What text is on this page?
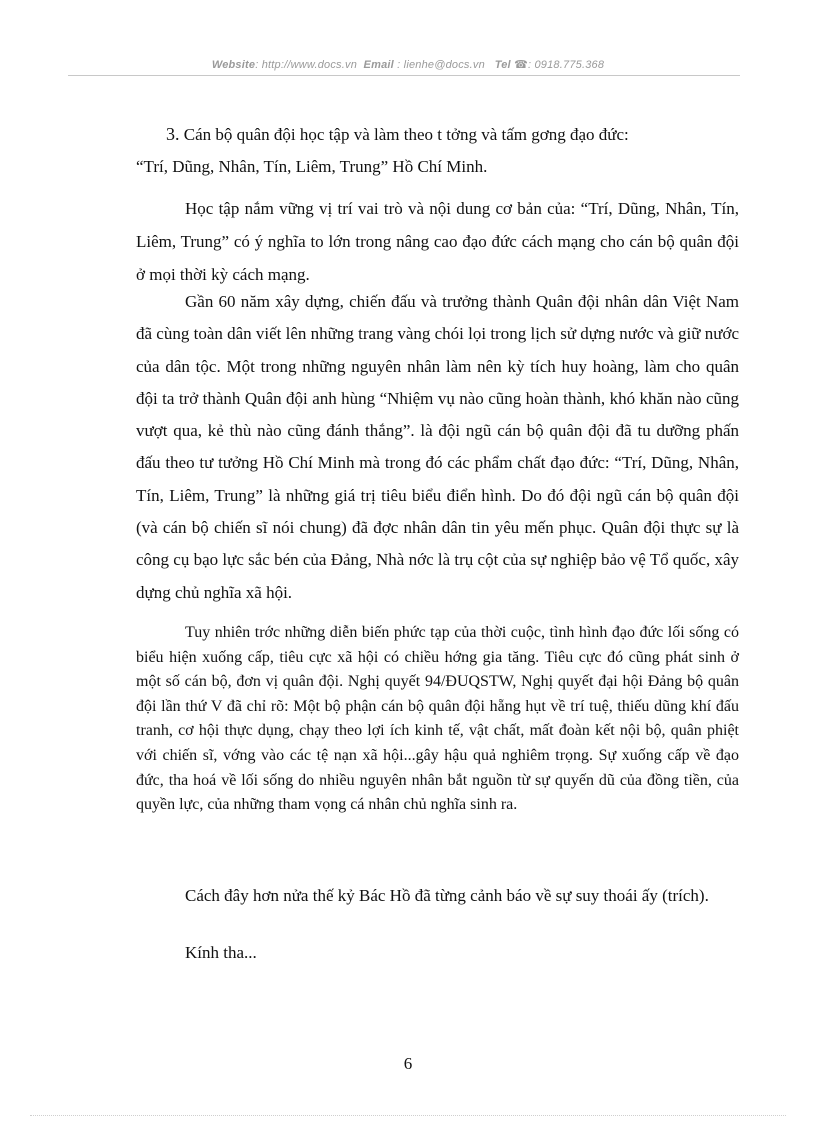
Website: http://www.docs.vn Email : lienhe@docs.vn Tel ☎: 0918.775.368
3. Cán bộ quân đội học tập và làm theo t tởng và tấm gơng đạo đức:
“Trí, Dũng, Nhân, Tín, Liêm, Trung” Hồ Chí Minh.

Học tập nắm vững vị trí vai trò và nội dung cơ bản của: “Trí, Dũng, Nhân, Tín, Liêm, Trung” có ý nghĩa to lớn trong nâng cao đạo đức cách mạng cho cán bộ quân đội ở mọi thời kỳ cách mạng.

Gần 60 năm xây dựng, chiến đấu và trưởng thành Quân đội nhân dân Việt Nam đã cùng toàn dân viết lên những trang vàng chói lọi trong lịch sử dựng nước và giữ nước của dân tộc. Một trong những nguyên nhân làm nên kỳ tích huy hoàng, làm cho quân đội ta trở thành Quân đội anh hùng “Nhiệm vụ nào cũng hoàn thành, khó khăn nào cũng vượt qua, kẻ thù nào cũng đánh thắng”. là đội ngũ cán bộ quân đội đã tu dưỡng phấn đấu theo tư tưởng Hồ Chí Minh mà trong đó các phẩm chất đạo đức: “Trí, Dũng, Nhân, Tín, Liêm, Trung” là những giá trị tiêu biểu điển hình. Do đó đội ngũ cán bộ quân đội (và cán bộ chiến sĩ nói chung) đã đợc nhân dân tin yêu mến phục. Quân đội thực sự là công cụ bạo lực sắc bén của Đảng, Nhà nớc là trụ cột của sự nghiệp bảo vệ Tổ quốc, xây dựng chủ nghĩa xã hội.

Tuy nhiên trớc những diễn biến phức tạp của thời cuộc, tình hình đạo đức lối sống có biểu hiện xuống cấp, tiêu cực xã hội có chiều hớng gia tăng. Tiêu cực đó cũng phát sinh ở một số cán bộ, đơn vị quân đội. Nghị quyết 94/ĐUQSTW, Nghị quyết đại hội Đảng bộ quân đội lần thứ V đã chỉ rõ: Một bộ phận cán bộ quân đội hẵng hụt về trí tuệ, thiếu dũng khí đấu tranh, cơ hội thực dụng, chạy theo lợi ích kinh tế, vật chất, mất đoàn kết nội bộ, quân phiệt với chiến sĩ, vớng vào các tệ nạn xã hội...gây hậu quả nghiêm trọng. Sự xuống cấp về đạo đức, tha hoá về lối sống do nhiều nguyên nhân bắt nguồn từ sự quyến dũ của đồng tiền, của quyền lực, của những tham vọng cá nhân chủ nghĩa sinh ra.

Cách đây hơn nửa thế kỷ Bác Hồ đã từng cảnh báo về sự suy thoái ấy (trích).

Kính tha...

6
